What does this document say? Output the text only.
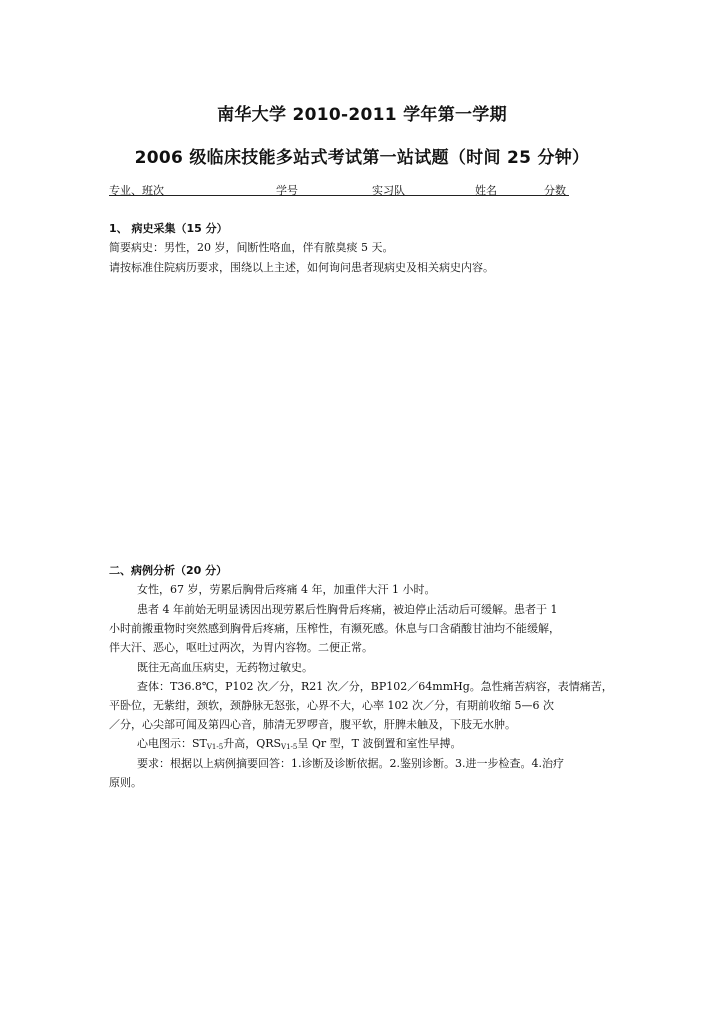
南华大学 2010-2011 学年第一学期
2006 级临床技能多站式考试第一站试题（时间 25 分钟）
专业、班次	学号	实习队	姓名	分数
1、 病史采集（15 分）
简要病史：男性，20 岁，间断性咯血，伴有脓臭痰 5 天。
请按标准住院病历要求，围绕以上主述，如何询问患者现病史及相关病史内容。
二、病例分析（20 分）
女性，67 岁，劳累后胸骨后疼痛 4 年，加重伴大汗 1 小时。
患者 4 年前始无明显诱因出现劳累后性胸骨后疼痛，被迫停止活动后可缓解。患者于 1
小时前搬重物时突然感到胸骨后疼痛，压榨性，有濒死感。休息与口含硝酸甘油均不能缓解，
伴大汗、恶心，呕吐过两次，为胃内容物。二便正常。
既往无高血压病史，无药物过敏史。
查体：T36.8℃，P102 次／分，R21 次／分，BP102／64mmHg。急性痛苦病容，表情痛苦，
平卧位，无紫绀，颈软，颈静脉无怒张，心界不大，心率 102 次／分，有期前收缩 5—6 次
／分，心尖部可闻及第四心音，肺清无罗啰音，腹平软，肝脾未触及，下肢无水肿。
心电图示：$ST_{V1-5}$升高，$QRS_{V1-5}$呈 Qr 型，T 波倒置和室性早搏。
要求：根据以上病例摘要回答：1.诊断及诊断依据。2.鉴别诊断。3.进一步检查。4.治疗
原则。
